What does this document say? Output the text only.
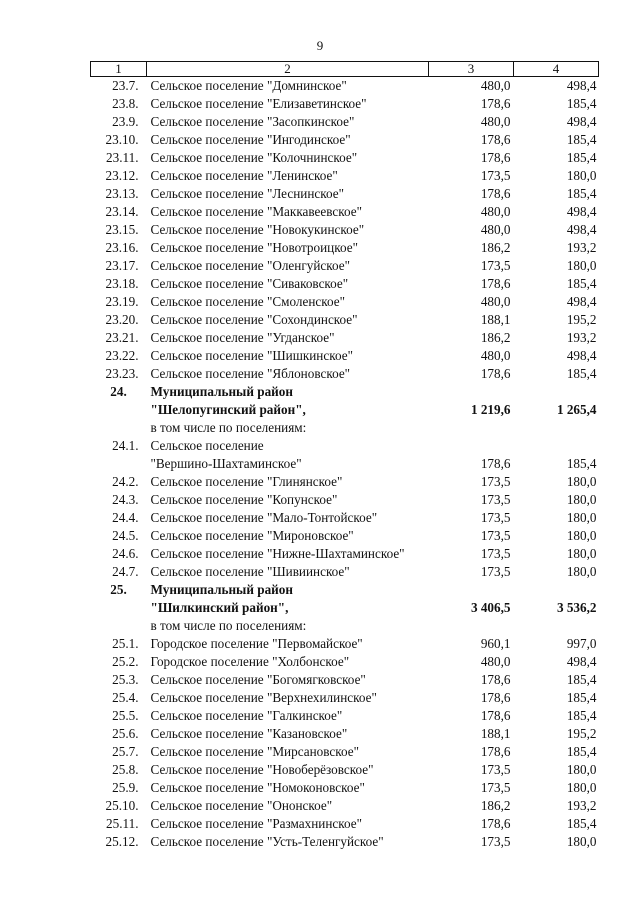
9
1	2	3	4
23.7.	Сельское поселение "Домнинское"	480,0	498,4
23.8.	Сельское поселение "Елизаветинское"	178,6	185,4
23.9.	Сельское поселение "Засопкинское"	480,0	498,4
23.10.	Сельское поселение "Ингодинское"	178,6	185,4
23.11.	Сельское поселение "Колочнинское"	178,6	185,4
23.12.	Сельское поселение "Ленинское"	173,5	180,0
23.13.	Сельское поселение "Леснинское"	178,6	185,4
23.14.	Сельское поселение "Маккавеевское"	480,0	498,4
23.15.	Сельское поселение "Новокукинское"	480,0	498,4
23.16.	Сельское поселение "Новотроицкое"	186,2	193,2
23.17.	Сельское поселение "Оленгуйское"	173,5	180,0
23.18.	Сельское поселение "Сиваковское"	178,6	185,4
23.19.	Сельское поселение "Смоленское"	480,0	498,4
23.20.	Сельское поселение "Сохондинское"	188,1	195,2
23.21.	Сельское поселение "Угданское"	186,2	193,2
23.22.	Сельское поселение "Шишкинское"	480,0	498,4
23.23.	Сельское поселение "Яблоновское"	178,6	185,4
24.	Муниципальный район
"Шелопугинский район",	1 219,6	1 265,4
	в том числе по поселениям:		
24.1.	Сельское поселение
"Вершино-Шахтаминское"	178,6	185,4
24.2.	Сельское поселение "Глинянское"	173,5	180,0
24.3.	Сельское поселение "Копунское"	173,5	180,0
24.4.	Сельское поселение "Мало-Тонтойское"	173,5	180,0
24.5.	Сельское поселение "Мироновское"	173,5	180,0
24.6.	Сельское поселение "Нижне-Шахтаминское"	173,5	180,0
24.7.	Сельское поселение "Шивиинское"	173,5	180,0
25.	Муниципальный район
"Шилкинский район",	3 406,5	3 536,2
	в том числе по поселениям:		
25.1.	Городское поселение "Первомайское"	960,1	997,0
25.2.	Городское поселение "Холбонское"	480,0	498,4
25.3.	Сельское поселение "Богомягковское"	178,6	185,4
25.4.	Сельское поселение "Верхнехилинское"	178,6	185,4
25.5.	Сельское поселение "Галкинское"	178,6	185,4
25.6.	Сельское поселение "Казановское"	188,1	195,2
25.7.	Сельское поселение "Мирсановское"	178,6	185,4
25.8.	Сельское поселение "Новоберёзовское"	173,5	180,0
25.9.	Сельское поселение "Номоконовское"	173,5	180,0
25.10.	Сельское поселение "Ононское"	186,2	193,2
25.11.	Сельское поселение "Размахнинское"	178,6	185,4
25.12.	Сельское поселение "Усть-Теленгуйское"	173,5	180,0
